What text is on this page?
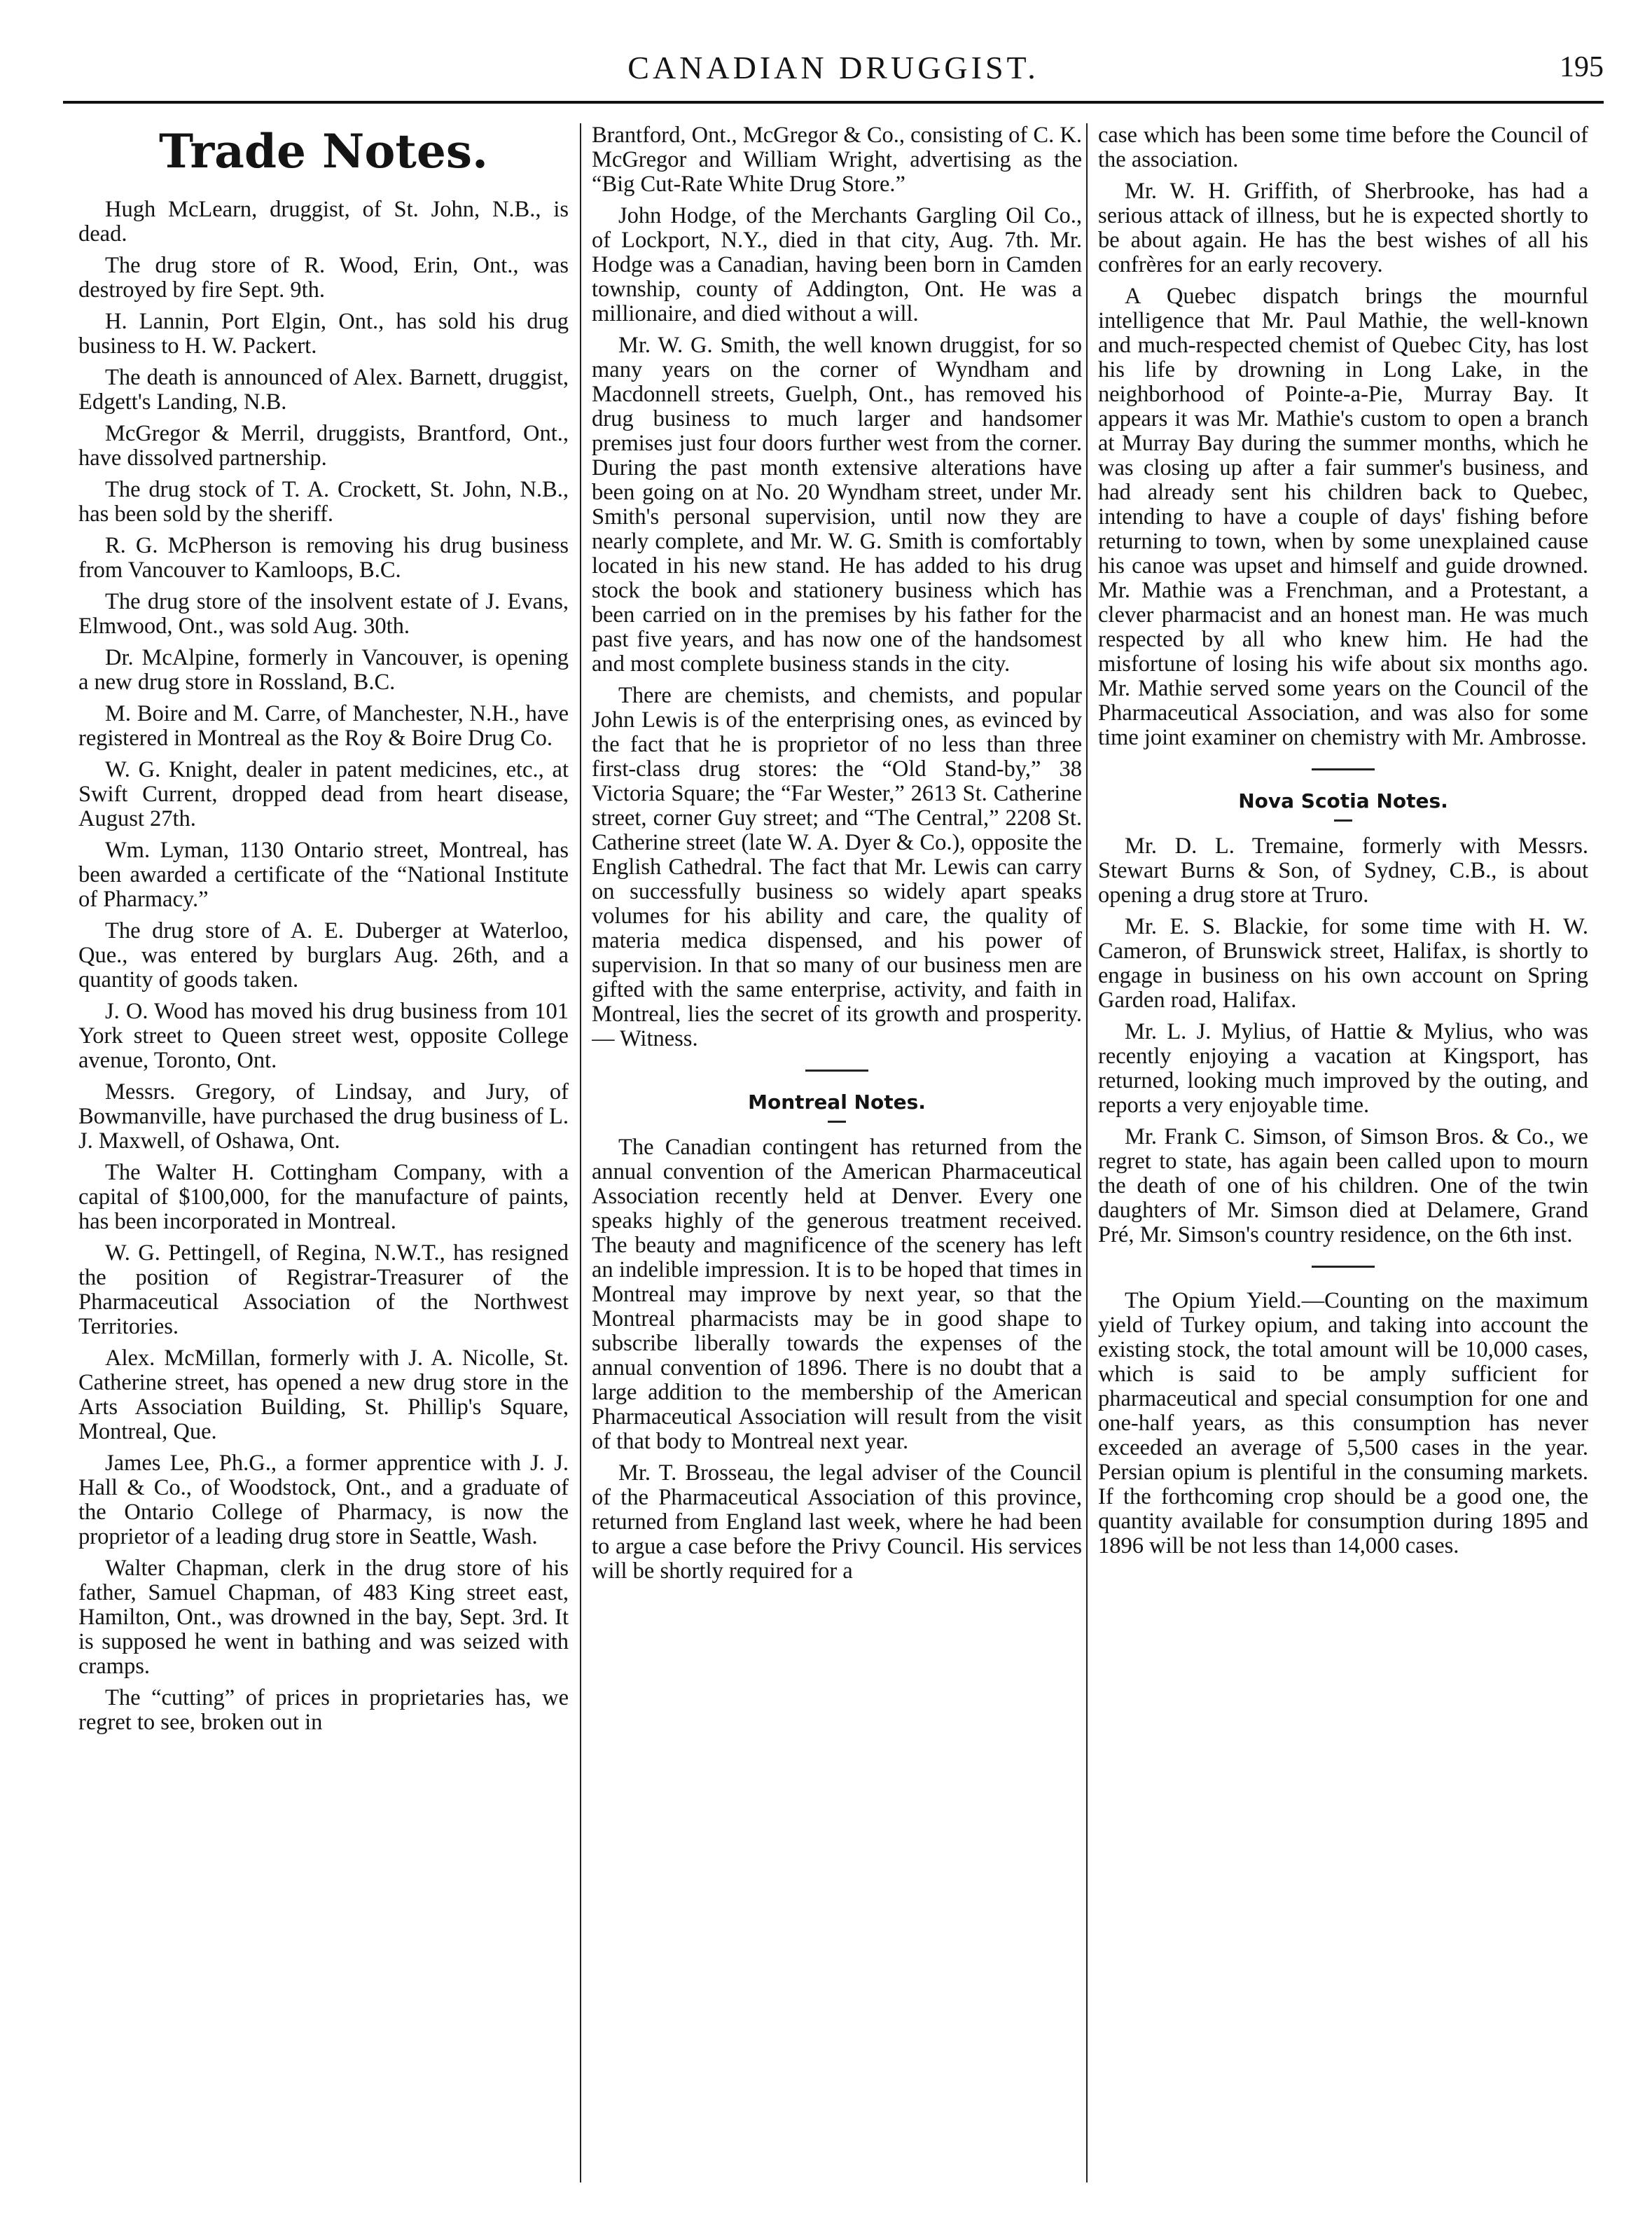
CANADIAN DRUGGIST.	195
Trade Notes.

Hugh McLearn, druggist, of St. John, N.B., is dead.

The drug store of R. Wood, Erin, Ont., was destroyed by fire Sept. 9th.

H. Lannin, Port Elgin, Ont., has sold his drug business to H. W. Packert.

The death is announced of Alex. Barnett, druggist, Edgett's Landing, N.B.

McGregor & Merril, druggists, Brantford, Ont., have dissolved partnership.

The drug stock of T. A. Crockett, St. John, N.B., has been sold by the sheriff.

R. G. McPherson is removing his drug business from Vancouver to Kamloops, B.C.

The drug store of the insolvent estate of J. Evans, Elmwood, Ont., was sold Aug. 30th.

Dr. McAlpine, formerly in Vancouver, is opening a new drug store in Rossland, B.C.

M. Boire and M. Carre, of Manchester, N.H., have registered in Montreal as the Roy & Boire Drug Co.

W. G. Knight, dealer in patent medicines, etc., at Swift Current, dropped dead from heart disease, August 27th.

Wm. Lyman, 1130 Ontario street, Montreal, has been awarded a certificate of the “National Institute of Pharmacy.”

The drug store of A. E. Duberger at Waterloo, Que., was entered by burglars Aug. 26th, and a quantity of goods taken.

J. O. Wood has moved his drug business from 101 York street to Queen street west, opposite College avenue, Toronto, Ont.

Messrs. Gregory, of Lindsay, and Jury, of Bowmanville, have purchased the drug business of L. J. Maxwell, of Oshawa, Ont.

The Walter H. Cottingham Company, with a capital of $100,000, for the manufacture of paints, has been incorporated in Montreal.

W. G. Pettingell, of Regina, N.W.T., has resigned the position of Registrar-Treasurer of the Pharmaceutical Association of the Northwest Territories.

Alex. McMillan, formerly with J. A. Nicolle, St. Catherine street, has opened a new drug store in the Arts Association Building, St. Phillip's Square, Montreal, Que.

James Lee, Ph.G., a former apprentice with J. J. Hall & Co., of Woodstock, Ont., and a graduate of the Ontario College of Pharmacy, is now the proprietor of a leading drug store in Seattle, Wash.

Walter Chapman, clerk in the drug store of his father, Samuel Chapman, of 483 King street east, Hamilton, Ont., was drowned in the bay, Sept. 3rd. It is supposed he went in bathing and was seized with cramps.

The “cutting” of prices in proprietaries has, we regret to see, broken out in

Brantford, Ont., McGregor & Co., consisting of C. K. McGregor and William Wright, advertising as the “Big Cut-Rate White Drug Store.”

John Hodge, of the Merchants Gargling Oil Co., of Lockport, N.Y., died in that city, Aug. 7th. Mr. Hodge was a Canadian, having been born in Camden township, county of Addington, Ont. He was a millionaire, and died without a will.

Mr. W. G. Smith, the well known druggist, for so many years on the corner of Wyndham and Macdonnell streets, Guelph, Ont., has removed his drug business to much larger and handsomer premises just four doors further west from the corner. During the past month extensive alterations have been going on at No. 20 Wyndham street, under Mr. Smith's personal supervision, until now they are nearly complete, and Mr. W. G. Smith is comfortably located in his new stand. He has added to his drug stock the book and stationery business which has been carried on in the premises by his father for the past five years, and has now one of the handsomest and most complete business stands in the city.

There are chemists, and chemists, and popular John Lewis is of the enterprising ones, as evinced by the fact that he is proprietor of no less than three first-class drug stores: the “Old Stand-by,” 38 Victoria Square; the “Far Wester,” 2613 St. Catherine street, corner Guy street; and “The Central,” 2208 St. Catherine street (late W. A. Dyer & Co.), opposite the English Cathedral. The fact that Mr. Lewis can carry on successfully business so widely apart speaks volumes for his ability and care, the quality of materia medica dispensed, and his power of supervision. In that so many of our business men are gifted with the same enterprise, activity, and faith in Montreal, lies the secret of its growth and prosperity.— Witness.

Montreal Notes.

The Canadian contingent has returned from the annual convention of the American Pharmaceutical Association recently held at Denver. Every one speaks highly of the generous treatment received. The beauty and magnificence of the scenery has left an indelible impression. It is to be hoped that times in Montreal may improve by next year, so that the Montreal pharmacists may be in good shape to subscribe liberally towards the expenses of the annual convention of 1896. There is no doubt that a large addition to the membership of the American Pharmaceutical Association will result from the visit of that body to Montreal next year.

Mr. T. Brosseau, the legal adviser of the Council of the Pharmaceutical Association of this province, returned from England last week, where he had been to argue a case before the Privy Council. His services will be shortly required for a

case which has been some time before the Council of the association.

Mr. W. H. Griffith, of Sherbrooke, has had a serious attack of illness, but he is expected shortly to be about again. He has the best wishes of all his confrères for an early recovery.

A Quebec dispatch brings the mournful intelligence that Mr. Paul Mathie, the well-known and much-respected chemist of Quebec City, has lost his life by drowning in Long Lake, in the neighborhood of Pointe-a-Pie, Murray Bay. It appears it was Mr. Mathie's custom to open a branch at Murray Bay during the summer months, which he was closing up after a fair summer's business, and had already sent his children back to Quebec, intending to have a couple of days' fishing before returning to town, when by some unexplained cause his canoe was upset and himself and guide drowned. Mr. Mathie was a Frenchman, and a Protestant, a clever pharmacist and an honest man. He was much respected by all who knew him. He had the misfortune of losing his wife about six months ago. Mr. Mathie served some years on the Council of the Pharmaceutical Association, and was also for some time joint examiner on chemistry with Mr. Ambrosse.

Nova Scotia Notes.

Mr. D. L. Tremaine, formerly with Messrs. Stewart Burns & Son, of Sydney, C.B., is about opening a drug store at Truro.

Mr. E. S. Blackie, for some time with H. W. Cameron, of Brunswick street, Halifax, is shortly to engage in business on his own account on Spring Garden road, Halifax.

Mr. L. J. Mylius, of Hattie & Mylius, who was recently enjoying a vacation at Kingsport, has returned, looking much improved by the outing, and reports a very enjoyable time.

Mr. Frank C. Simson, of Simson Bros. & Co., we regret to state, has again been called upon to mourn the death of one of his children. One of the twin daughters of Mr. Simson died at Delamere, Grand Pré, Mr. Simson's country residence, on the 6th inst.

The Opium Yield.—Counting on the maximum yield of Turkey opium, and taking into account the existing stock, the total amount will be 10,000 cases, which is said to be amply sufficient for pharmaceutical and special consumption for one and one-half years, as this consumption has never exceeded an average of 5,500 cases in the year. Persian opium is plentiful in the consuming markets. If the forthcoming crop should be a good one, the quantity available for consumption during 1895 and 1896 will be not less than 14,000 cases.
